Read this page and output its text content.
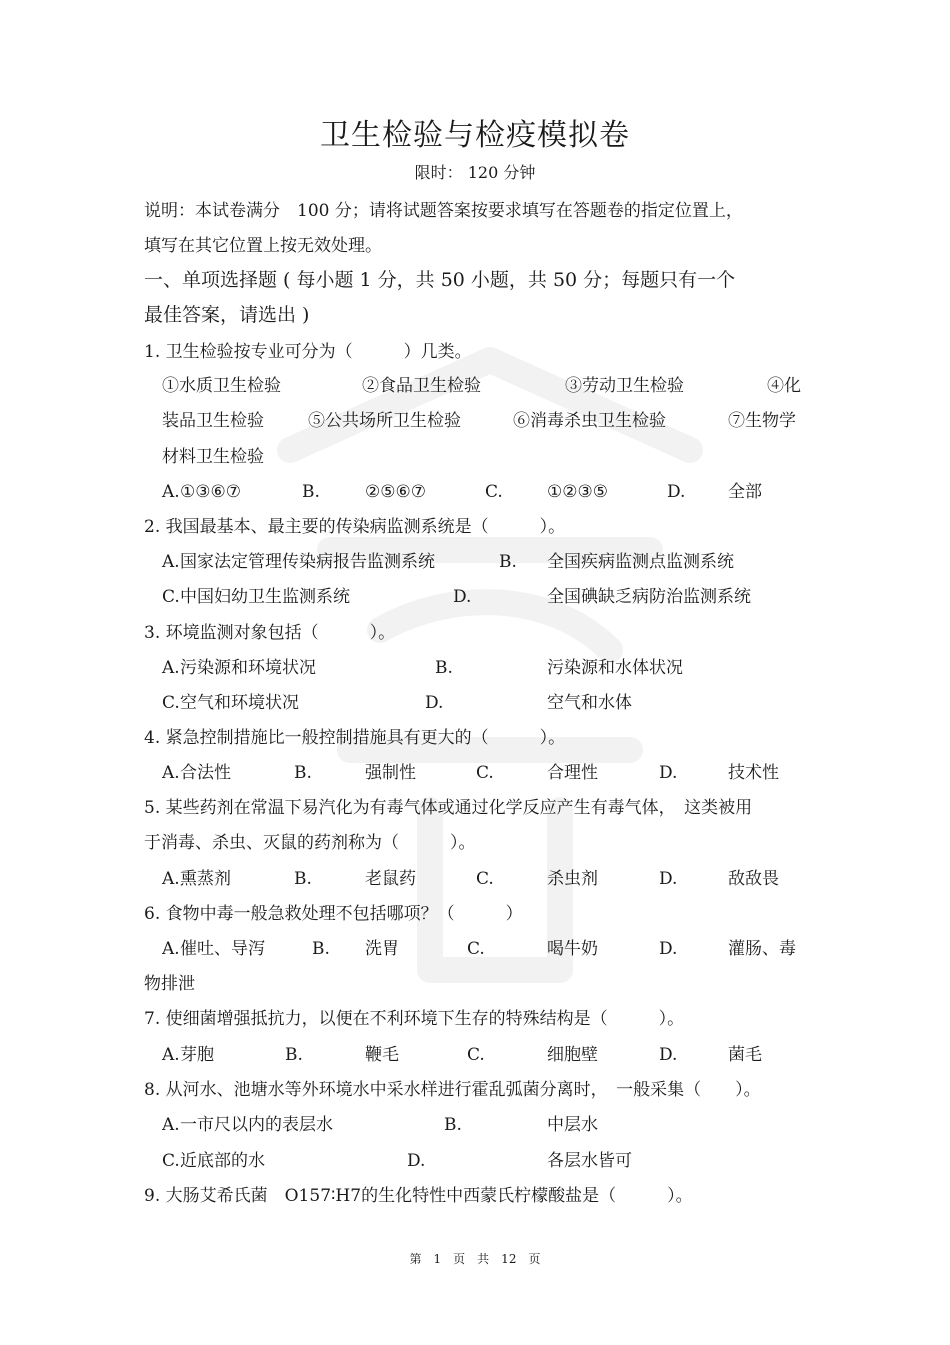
卫生检验与检疫模拟卷
限时： 120 分钟
说明：本试卷满分　100 分；请将试题答案按要求填写在答题卷的指定位置上，
填写在其它位置上按无效处理。
一、单项选择题 ( 每小题 1 分，共 50 小题，共 50 分；每题只有一个
最佳答案，请选出 )
1. 卫生检验按专业可分为（　　　）几类。
①水质卫生检验	②食品卫生检验	③劳动卫生检验	④化
装品卫生检验	⑤公共场所卫生检验	⑥消毒杀虫卫生检验	⑦生物学
材料卫生检验
A. ①③⑥⑦	B.	②⑤⑥⑦	C.	①②③⑤	D.	全部
2. 我国最基本、最主要的传染病监测系统是（　　　）。
A. 国家法定管理传染病报告监测系统	B. 全国疾病监测点监测系统
C. 中国妇幼卫生监测系统	D.	全国碘缺乏病防治监测系统
3. 环境监测对象包括（　　　）。
A. 污染源和环境状况	B.	污染源和水体状况
C. 空气和环境状况	D.	空气和水体
4. 紧急控制措施比一般控制措施具有更大的（　　　）。
A. 合法性	B.	强制性	C.	合理性	D.	技术性
5. 某些药剂在常温下易汽化为有毒气体或通过化学反应产生有毒气体，　这类被用
于消毒、杀虫、灭鼠的药剂称为（　　　）。
A. 熏蒸剂	B.	老鼠药	C.	杀虫剂	D.	敌敌畏
6. 食物中毒一般急救处理不包括哪项？（　　　）
A. 催吐、导泻	B. 洗胃	C.	喝牛奶	D.	灌肠、毒
物排泄
7. 使细菌增强抵抗力，以便在不利环境下生存的特殊结构是（　　　）。
A. 芽胞	B.	鞭毛	C.	细胞壁	D.	菌毛
8. 从河水、池塘水等外环境水中采水样进行霍乱弧菌分离时，　一般采集（　　）。
A. 一市尺以内的表层水	B.	中层水
C. 近底部的水	D.	各层水皆可
9. 大肠艾希氏菌　O157∶H7的生化特性中西蒙氏柠檬酸盐是（　　　）。
第　1　页　共　12　页
